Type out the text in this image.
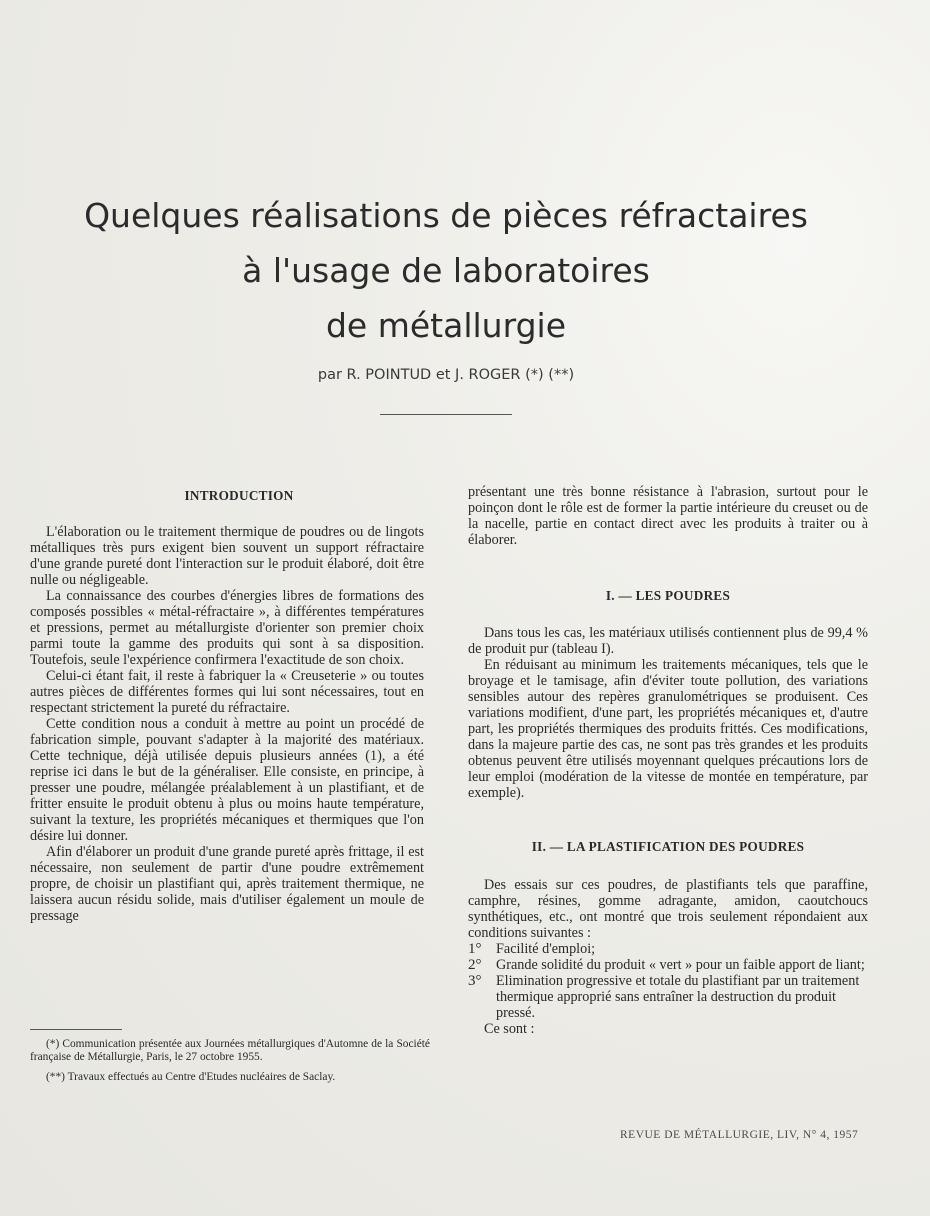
Quelques réalisations de pièces réfractaires
à l'usage de laboratoires
de métallurgie
par R. POINTUD et J. ROGER (*) (**)

INTRODUCTION

L'élaboration ou le traitement thermique de poudres ou de lingots métalliques très purs exigent bien souvent un support réfractaire d'une grande pureté dont l'interaction sur le produit élaboré, doit être nulle ou négligeable.

La connaissance des courbes d'énergies libres de formations des composés possibles « métal-réfractaire », à différentes températures et pressions, permet au métallurgiste d'orienter son premier choix parmi toute la gamme des produits qui sont à sa disposition. Toutefois, seule l'expérience confirmera l'exactitude de son choix.

Celui-ci étant fait, il reste à fabriquer la « Creuseterie » ou toutes autres pièces de différentes formes qui lui sont nécessaires, tout en respectant strictement la pureté du réfractaire.

Cette condition nous a conduit à mettre au point un procédé de fabrication simple, pouvant s'adapter à la majorité des matériaux. Cette technique, déjà utilisée depuis plusieurs années (1), a été reprise ici dans le but de la généraliser. Elle consiste, en principe, à presser une poudre, mélangée préalablement à un plastifiant, et de fritter ensuite le produit obtenu à plus ou moins haute température, suivant la texture, les propriétés mécaniques et thermiques que l'on désire lui donner.

Afin d'élaborer un produit d'une grande pureté après frittage, il est nécessaire, non seulement de partir d'une poudre extrêmement propre, de choisir un plastifiant qui, après traitement thermique, ne laissera aucun résidu solide, mais d'utiliser également un moule de pressage

(*) Communication présentée aux Journées métallurgiques d'Automne de la Société française de Métallurgie, Paris, le 27 octobre 1955.

(**) Travaux effectués au Centre d'Etudes nucléaires de Saclay.

présentant une très bonne résistance à l'abrasion, surtout pour le poinçon dont le rôle est de former la partie intérieure du creuset ou de la nacelle, partie en contact direct avec les produits à traiter ou à élaborer.

I. — LES POUDRES

Dans tous les cas, les matériaux utilisés contiennent plus de 99,4 % de produit pur (tableau I).

En réduisant au minimum les traitements mécaniques, tels que le broyage et le tamisage, afin d'éviter toute pollution, des variations sensibles autour des repères granulométriques se produisent. Ces variations modifient, d'une part, les propriétés mécaniques et, d'autre part, les propriétés thermiques des produits frittés. Ces modifications, dans la majeure partie des cas, ne sont pas très grandes et les produits obtenus peuvent être utilisés moyennant quelques précautions lors de leur emploi (modération de la vitesse de montée en température, par exemple).

II. — LA PLASTIFICATION DES POUDRES

Des essais sur ces poudres, de plastifiants tels que paraffine, camphre, résines, gomme adragante, amidon, caoutchoucs synthétiques, etc., ont montré que trois seulement répondaient aux conditions suivantes :

1°	Facilité d'emploi;
2°	Grande solidité du produit « vert » pour un faible apport de liant;
3°	Elimination progressive et totale du plastifiant par un traitement thermique approprié sans entraîner la destruction du produit pressé.

Ce sont :

REVUE DE MÉTALLURGIE, LIV, N° 4, 1957
